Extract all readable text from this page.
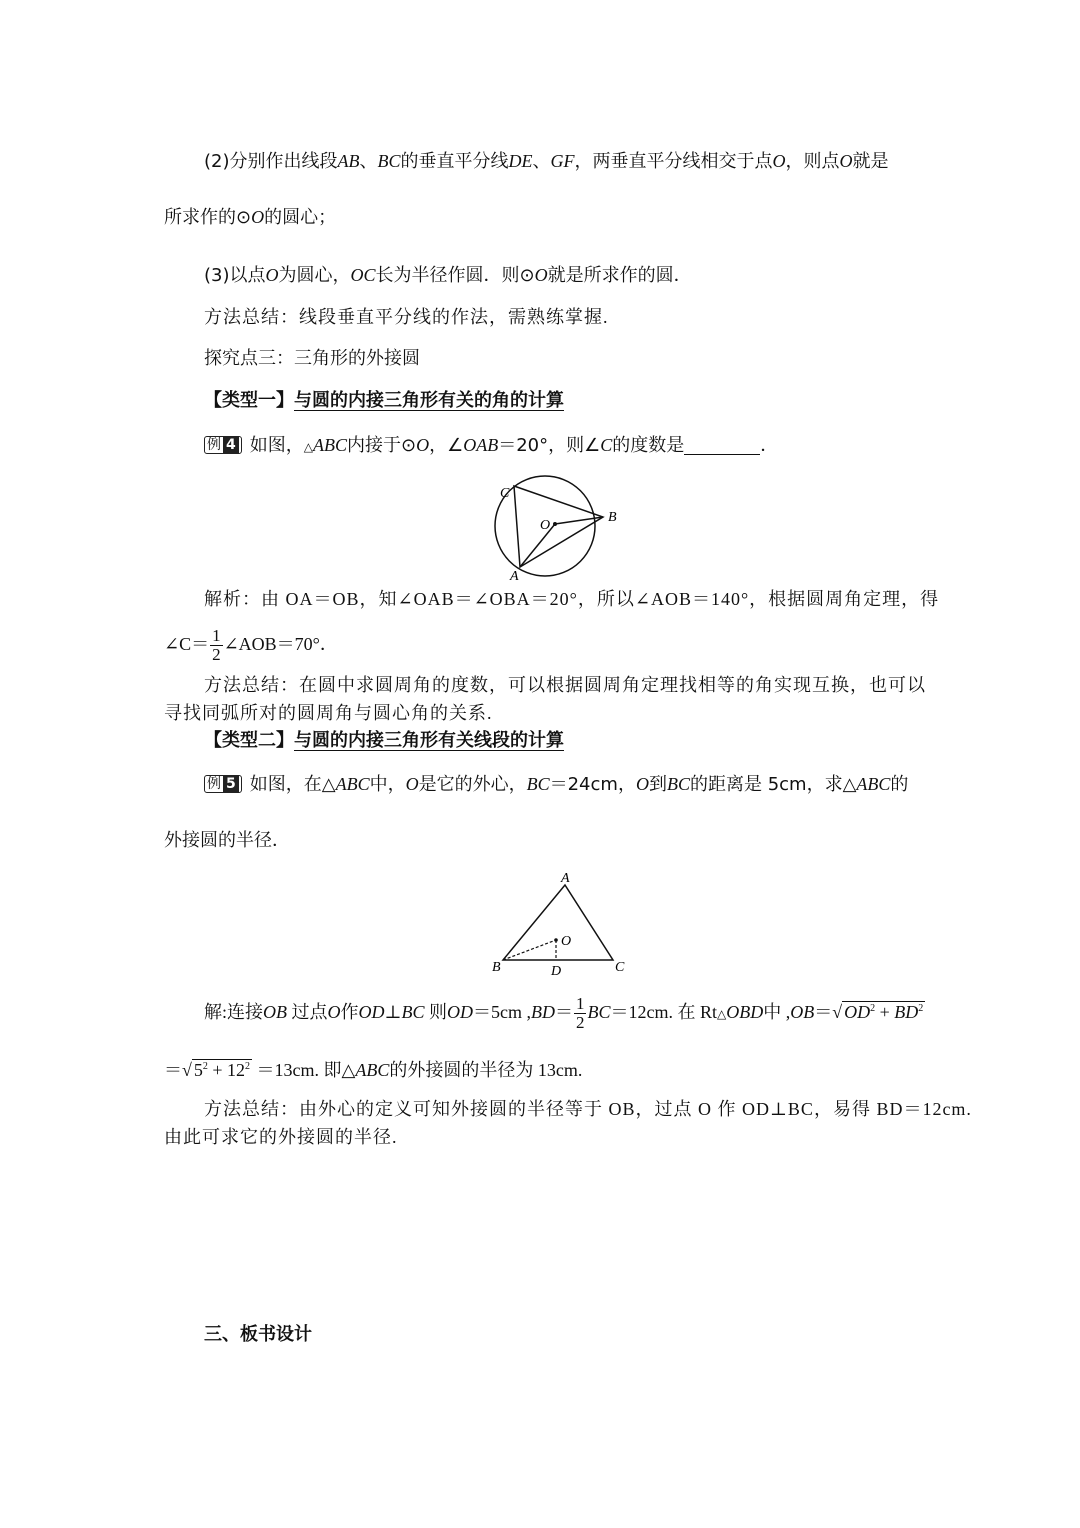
(2)分别作出线段AB、BC的垂直平分线DE、GF，两垂直平分线相交于点O，则点O就是
所求作的⊙O的圆心；
(3)以点O为圆心，OC长为半径作圆．则⊙O就是所求作的圆．
方法总结：线段垂直平分线的作法，需熟练掌握.
探究点三：三角形的外接圆
【类型一】与圆的内接三角形有关的角的计算
例 4 如图，△ABC内接于⊙O，∠OAB＝20°，则∠C的度数是	．
C
B
O
A
解析：由 OA＝OB，知∠OAB＝∠OBA＝20°，所以∠AOB＝140°，根据圆周角定理，得
∠C＝ $\frac{1}{2}$ ∠AOB＝70°．
方法总结：在圆中求圆周角的度数，可以根据圆周角定理找相等的角实现互换，也可以
寻找同弧所对的圆周角与圆心角的关系.
【类型二】与圆的内接三角形有关线段的计算
例 5 如图，在△ABC中，O是它的外心，BC＝24cm，O到BC的距离是 5cm，求△ABC的
外接圆的半径．
A
O
B	D	C
解:连接OB 过点O作OD⊥BC 则OD＝5cm $,BD= \frac{1}{2} BC=12cm$. 在 Rt△OBD中 ,OB＝√ $OD^2 + BD^2$
＝√ $5^2 + 12^2 =13cm$. 即△ABC的外接圆的半径为 13cm.
方法总结：由外心的定义可知外接圆的半径等于 OB，过点 O 作 OD⊥BC，易得 BD＝12cm.
由此可求它的外接圆的半径.
三、板书设计
